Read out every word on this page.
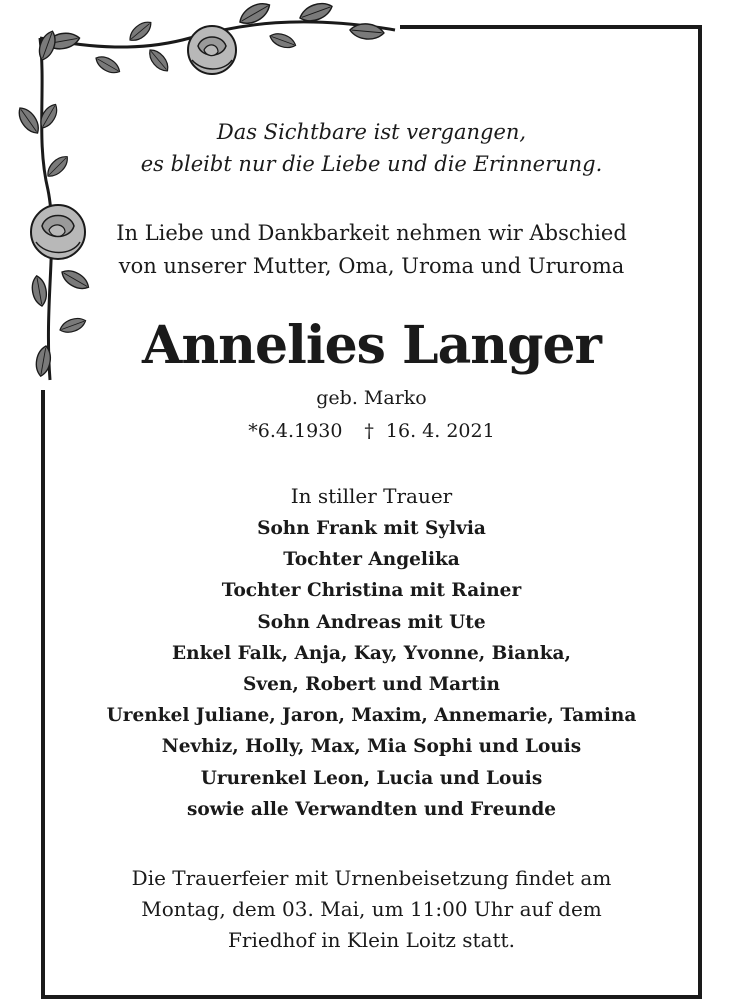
Das Sichtbare ist vergangen,
es bleibt nur die Liebe und die Erinnerung.
In Liebe und Dankbarkeit nehmen wir Abschied
von unserer Mutter, Oma, Uroma und Ururoma
Annelies Langer
geb. Marko
*6.4.1930 † 16. 4. 2021
In stiller Trauer
Sohn Frank mit Sylvia
Tochter Angelika
Tochter Christina mit Rainer
Sohn Andreas mit Ute
Enkel Falk, Anja, Kay, Yvonne, Bianka,
Sven, Robert und Martin
Urenkel Juliane, Jaron, Maxim, Annemarie, Tamina
Nevhiz, Holly, Max, Mia Sophi und Louis
Ururenkel Leon, Lucia und Louis
sowie alle Verwandten und Freunde
Die Trauerfeier mit Urnenbeisetzung findet am
Montag, dem 03. Mai, um 11:00 Uhr auf dem
Friedhof in Klein Loitz statt.
